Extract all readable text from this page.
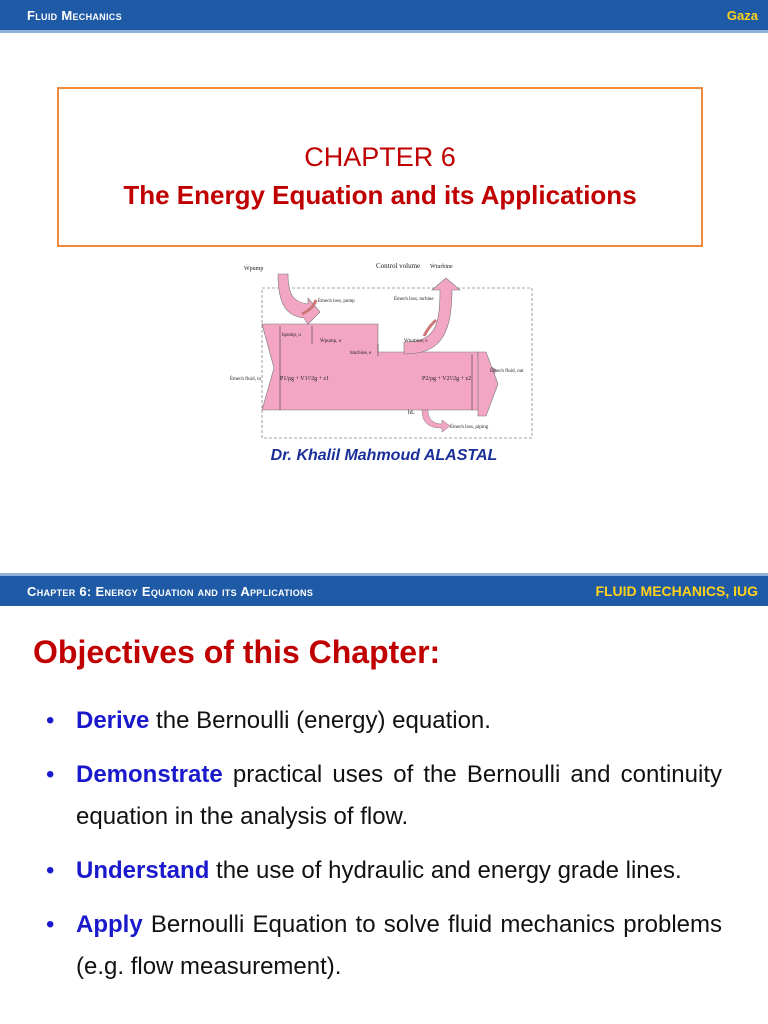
Fluid Mechanics	Gaza
CHAPTER 6
The Energy Equation and its Applications
Control volume
Ẇpump	Ẇturbine
Ėmech loss, pump	Ėmech loss, turbine
hpump, u
Ẇpump, u
hturbine, e
Ẇturbine, e
Ėmech fluid, in
Ėmech fluid, out
P1/ρg + V1²/2g + z1	P2/ρg + V2²/2g + z2
hL
Ėmech loss, piping
Dr. Khalil Mahmoud ALASTAL
Chapter 6: Energy Equation and its Applications	FLUID MECHANICS, IUG
Objectives of this Chapter:
• Derive the Bernoulli (energy) equation.
• Demonstrate practical uses of the Bernoulli and continuity equation in the analysis of flow.
• Understand the use of hydraulic and energy grade lines.
• Apply Bernoulli Equation to solve fluid mechanics problems (e.g. flow measurement).
